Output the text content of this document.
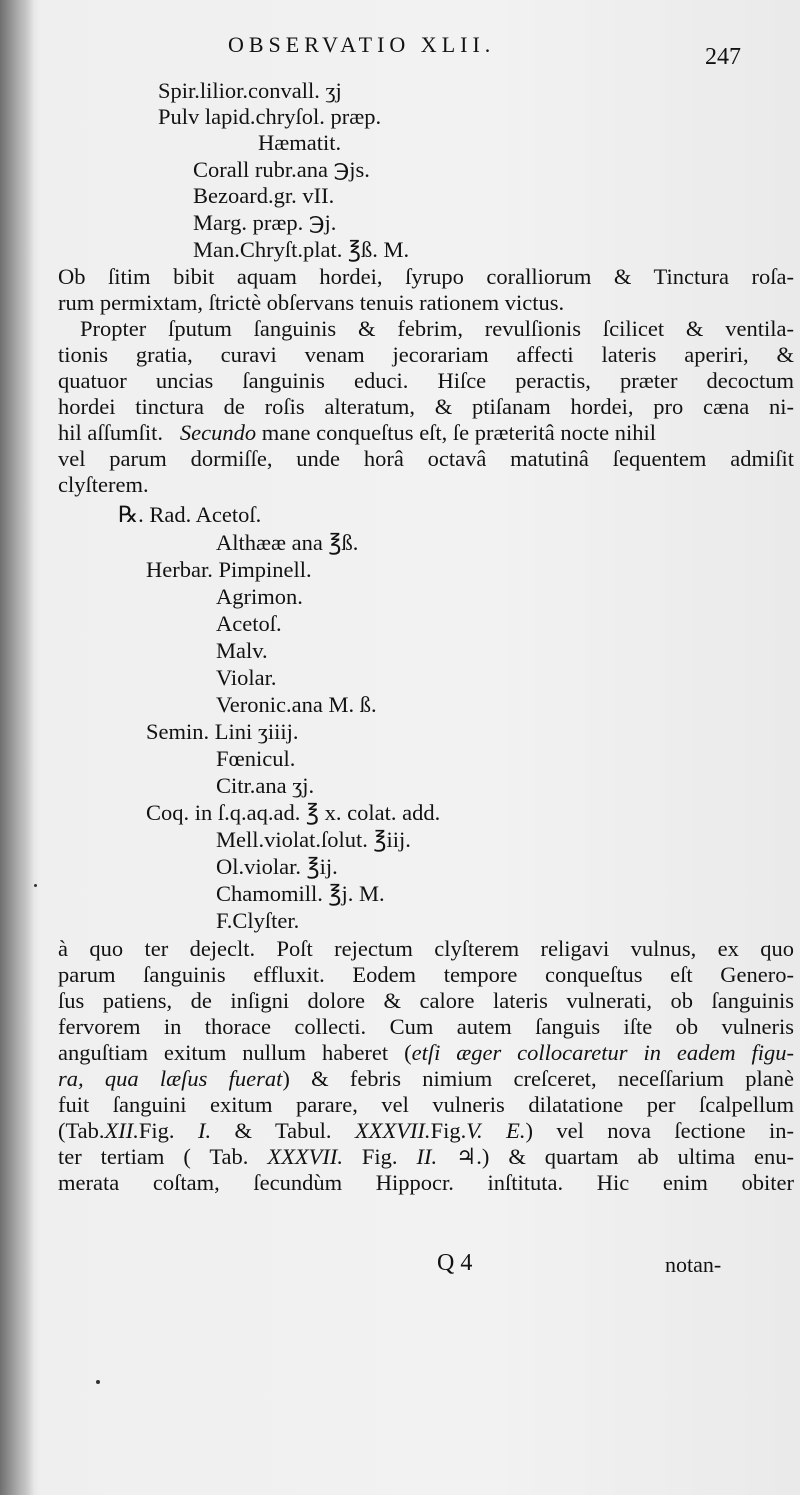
OBSERVATIO XLII.	247
Spir.lilior.convall. ʒj
Pulv lapid.chryſol. præp.
Hæmatit.
Corall rubr.ana ℈js.
Bezoard.gr. vII.
Marg. præp. ℈j.
Man.Chryſt.plat. ℥ß. M.
Ob ſitim bibit aquam hordei, ſyrupo coralliorum & Tinctura roſa-
rum permixtam, ſtrictè obſervans tenuis rationem victus.
Propter ſputum ſanguinis & febrim, revulſionis ſcilicet & ventila-
tionis gratia, curavi venam jecorariam affecti lateris aperiri, &
quatuor uncias ſanguinis educi. Hiſce peractis, præter decoctum
hordei tinctura de roſis alteratum, & ptiſanam hordei, pro cæna ni-
hil aſſumſit. Secundo mane conqueſtus eſt, ſe præteritâ nocte nihil
vel parum dormiſſe, unde horâ octavâ matutinâ ſequentem admiſit
clyſterem.
℞. Rad. Acetoſ.
Althææ ana ℥ß.
Herbar. Pimpinell.
Agrimon.
Acetoſ.
Malv.
Violar.
Veronic.ana M. ß.
Semin. Lini ʒiiij.
Fœnicul.
Citr.ana ʒj.
Coq. in ſ.q.aq.ad. ℥ x. colat. add.
Mell.violat.ſolut. ℥iij.
Ol.violar. ℥ij.
Chamomill. ℥j. M.
F.Clyſter.
à quo ter dejeclt. Poſt rejectum clyſterem religavi vulnus, ex quo
parum ſanguinis effluxit. Eodem tempore conqueſtus eſt Genero-
ſus patiens, de inſigni dolore & calore lateris vulnerati, ob ſanguinis
fervorem in thorace collecti. Cum autem ſanguis iſte ob vulneris
anguſtiam exitum nullum haberet (etſi æger collocaretur in eadem figu-
ra, qua læſus fuerat) & febris nimium creſceret, neceſſarium planè
fuit ſanguini exitum parare, vel vulneris dilatatione per ſcalpellum
(Tab.XII.Fig. I. & Tabul. XXXVII.Fig.V. E.) vel nova ſectione in-
ter tertiam ( Tab. XXXVII. Fig. II. ♃.) & quartam ab ultima enu-
merata coſtam, ſecundùm Hippocr. inſtituta. Hic enim obiter
Q 4	notan-
